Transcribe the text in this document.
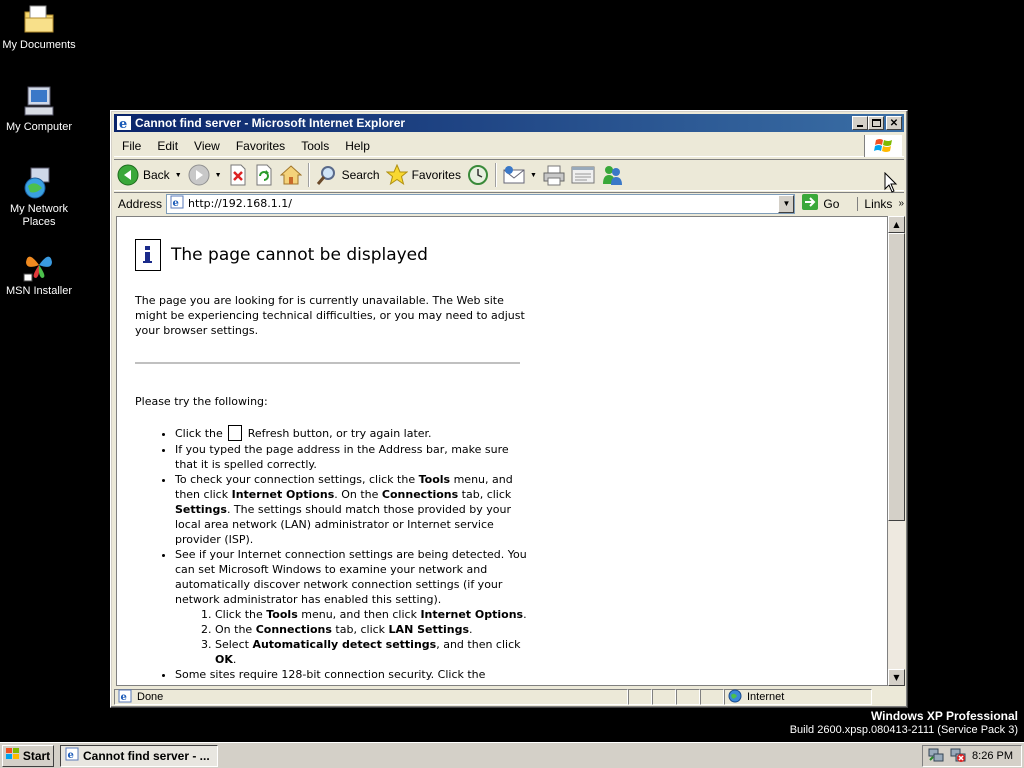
My Documents
My Computer
My Network Places
MSN Installer
Windows XP Professional
Build 2600.xpsp.080413-2111 (Service Pack 3)
e Cannot find server - Microsoft Internet Explorer	✕
File	Edit	View	Favorites	Tools	Help
Back ▼	▼	Search	Favorites	▼
Address	e http://192.168.1.1/	▼	Go	Links »
The page cannot be displayed

The page you are looking for is currently unavailable. The Web site might be experiencing technical difficulties, or you may need to adjust your browser settings.

Please try the following:

• Click the Refresh button, or try again later.
• If you typed the page address in the Address bar, make sure that it is spelled correctly.
• To check your connection settings, click the Tools menu, and then click Internet Options. On the Connections tab, click Settings. The settings should match those provided by your local area network (LAN) administrator or Internet service provider (ISP).
• See if your Internet connection settings are being detected. You can set Microsoft Windows to examine your network and automatically discover network connection settings (if your network administrator has enabled this setting).
1. Click the Tools menu, and then click Internet Options.
2. On the Connections tab, click LAN Settings.
3. Select Automatically detect settings, and then click OK.
• Some sites require 128-bit connection security. Click the
▲
▼
e Done	Internet
Start e Cannot find server - ...	8:26 PM
